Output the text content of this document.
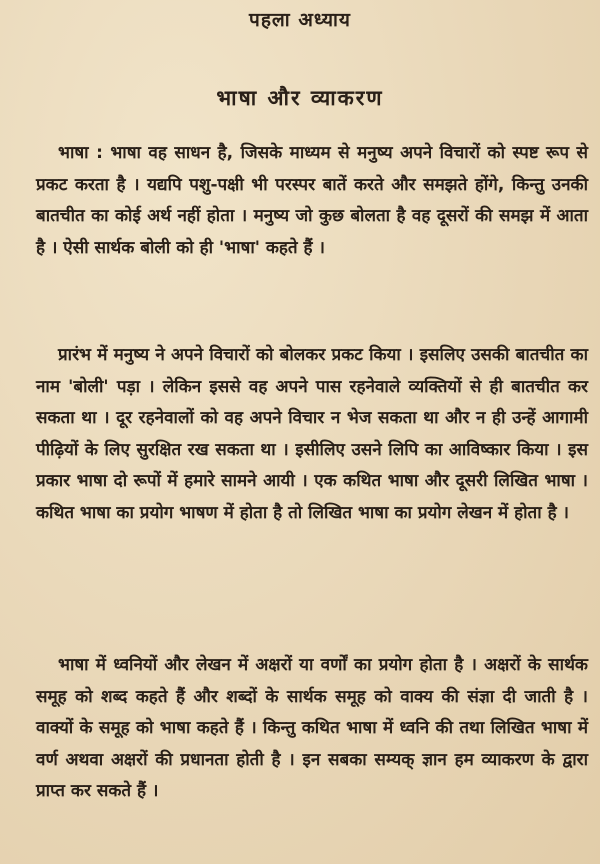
पहला अध्याय
भाषा और व्याकरण

भाषा : भाषा वह साधन है, जिसके माध्यम से मनुष्य अपने विचारों को स्पष्ट रूप से प्रकट करता है । यद्यपि पशु-पक्षी भी परस्पर बातें करते और समझते होंगे, किन्तु उनकी बातचीत का कोई अर्थ नहीं होता । मनुष्य जो कुछ बोलता है वह दूसरों की समझ में आता है । ऐसी सार्थक बोली को ही 'भाषा' कहते हैं ।

प्रारंभ में मनुष्य ने अपने विचारों को बोलकर प्रकट किया । इसलिए उसकी बातचीत का नाम 'बोली' पड़ा । लेकिन इससे वह अपने पास रहनेवाले व्यक्तियों से ही बातचीत कर सकता था । दूर रहनेवालों को वह अपने विचार न भेज सकता था और न ही उन्हें आगामी पीढ़ियों के लिए सुरक्षित रख सकता था । इसीलिए उसने लिपि का आविष्कार किया । इस प्रकार भाषा दो रूपों में हमारे सामने आयी । एक कथित भाषा और दूसरी लिखित भाषा । कथित भाषा का प्रयोग भाषण में होता है तो लिखित भाषा का प्रयोग लेखन में होता है ।

भाषा में ध्वनियों और लेखन में अक्षरों या वर्णों का प्रयोग होता है । अक्षरों के सार्थक समूह को शब्द कहते हैं और शब्दों के सार्थक समूह को वाक्य की संज्ञा दी जाती है । वाक्यों के समूह को भाषा कहते हैं । किन्तु कथित भाषा में ध्वनि की तथा लिखित भाषा में वर्ण अथवा अक्षरों की प्रधानता होती है । इन सबका सम्यक् ज्ञान हम व्याकरण के द्वारा प्राप्त कर सकते हैं ।
